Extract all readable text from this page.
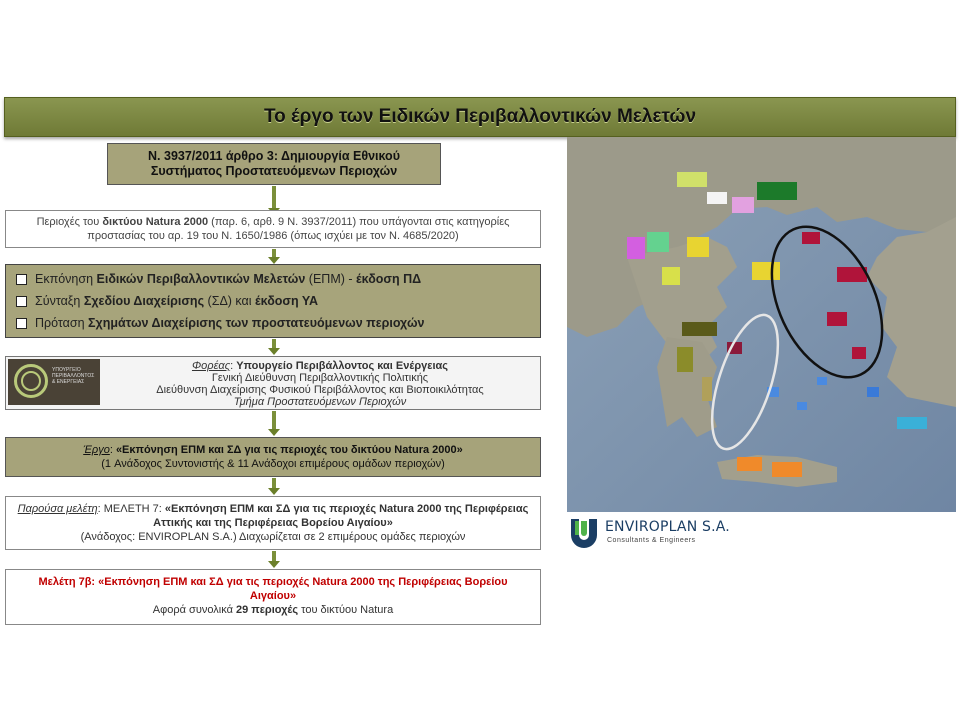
Το έργο των Ειδικών Περιβαλλοντικών Μελετών
Ν. 3937/2011 άρθρο 3: Δημιουργία Εθνικού Συστήματος Προστατευόμενων Περιοχών
Περιοχές του δικτύου Natura 2000 (παρ. 6, αρθ. 9 Ν. 3937/2011) που υπάγονται στις κατηγορίες προστασίας του αρ. 19 του Ν. 1650/1986 (όπως ισχύει με τον Ν. 4685/2020)
Εκπόνηση Ειδικών Περιβαλλοντικών Μελετών (ΕΠΜ) - έκδοση ΠΔ
Σύνταξη Σχεδίου Διαχείρισης (ΣΔ) και έκδοση ΥΑ
Πρόταση Σχημάτων Διαχείρισης των προστατευόμενων περιοχών
Φορέας: Υπουργείο Περιβάλλοντος και Ενέργειας
Γενική Διεύθυνση Περιβαλλοντικής Πολιτικής
Διεύθυνση Διαχείρισης Φυσικού Περιβάλλοντος και Βιοποικιλότητας
Τμήμα Προστατευόμενων Περιοχών
ΥΠΟΥΡΓΕΙΟ ΠΕΡΙΒΑΛΛΟΝΤΟΣ & ΕΝΕΡΓΕΙΑΣ
Έργο: «Εκπόνηση ΕΠΜ και ΣΔ για τις περιοχές του δικτύου Natura 2000»
(1 Ανάδοχος Συντονιστής & 11 Ανάδοχοι επιμέρους ομάδων περιοχών)
Παρούσα μελέτη: ΜΕΛΕΤΗ 7: «Εκπόνηση ΕΠΜ και ΣΔ για τις περιοχές Natura 2000 της Περιφέρειας Αττικής και της Περιφέρειας Βορείου Αιγαίου»
(Ανάδοχος: ENVIROPLAN S.A.) Διαχωρίζεται σε 2 επιμέρους ομάδες περιοχών
Μελέτη 7β: «Εκπόνηση ΕΠΜ και ΣΔ για τις περιοχές Natura 2000 της Περιφέρειας Βορείου Αιγαίου»
Αφορά συνολικά 29 περιοχές του δικτύου Natura
ENVIROPLAN S.A.
Consultants & Engineers
